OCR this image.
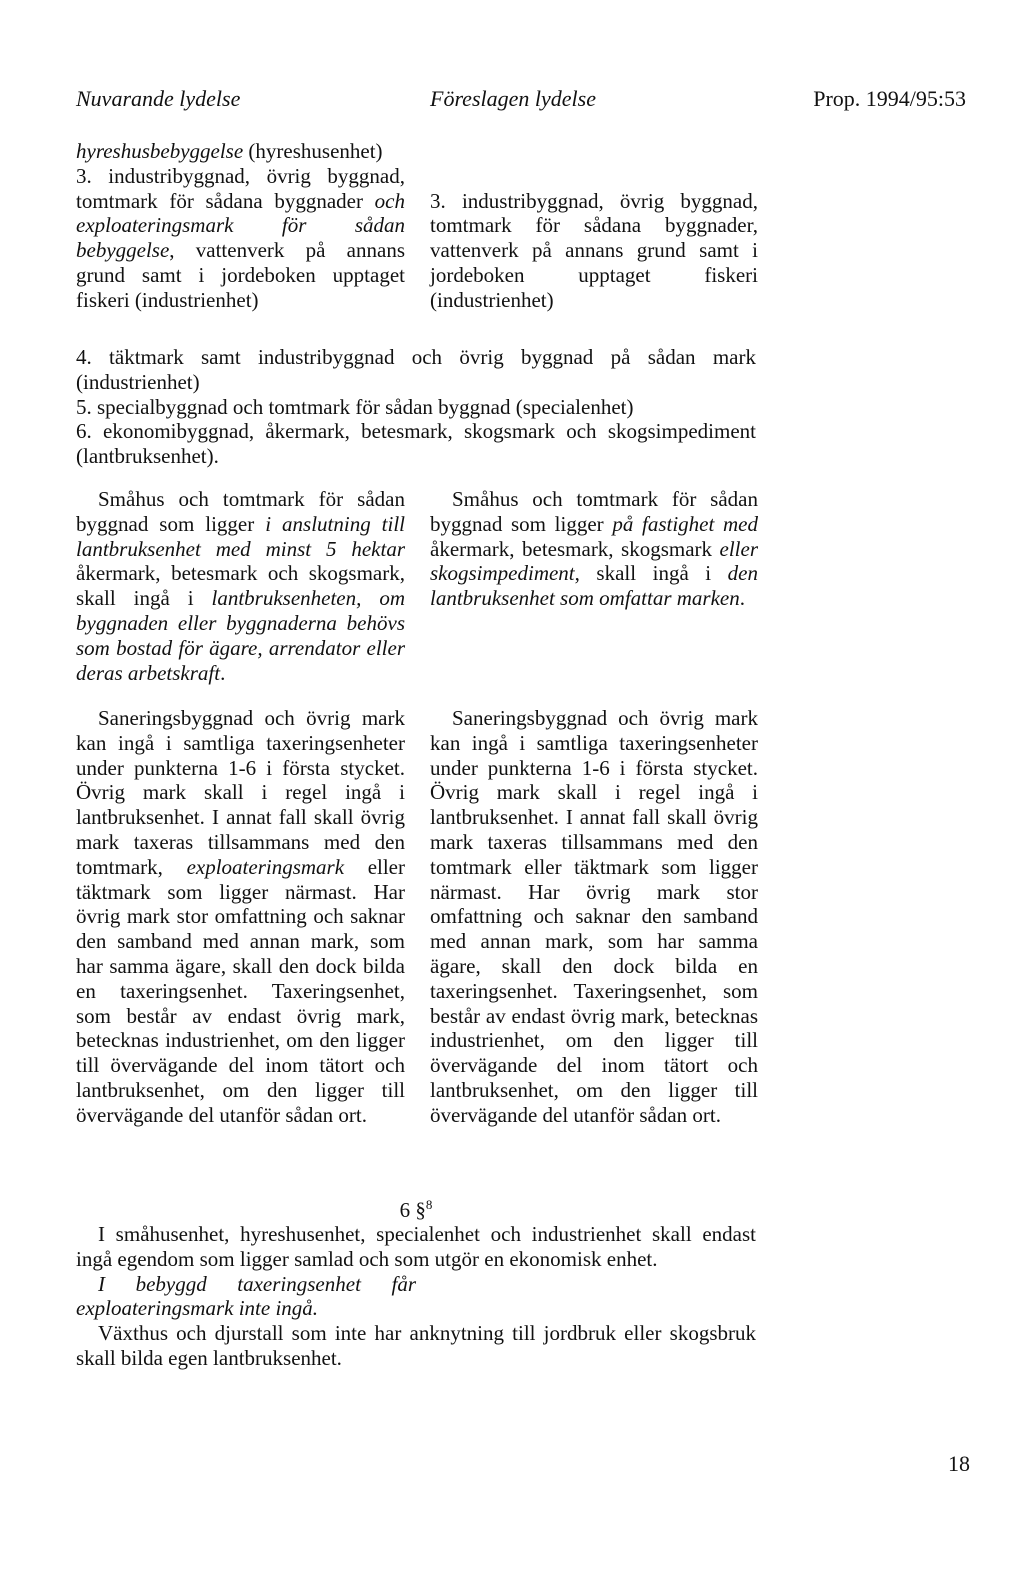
Nuvarande lydelse	Föreslagen lydelse	Prop. 1994/95:53

hyreshusbebyggelse (hyreshusenhet)

3. industribyggnad, övrig byggnad, tomtmark för sådana byggnader och exploateringsmark för sådan bebyggelse, vattenverk på annans grund samt i jordeboken upptaget fiskeri (industrienhet)

3. industribyggnad, övrig byggnad, tomtmark för sådana byggnader, vattenverk på annans grund samt i jordeboken upptaget fiskeri (industrienhet)

4. täktmark samt industribyggnad och övrig byggnad på sådan mark (industrienhet)

5. specialbyggnad och tomtmark för sådan byggnad (specialenhet)

6. ekonomibyggnad, åkermark, betesmark, skogsmark och skogsimpediment (lantbruksenhet).

Småhus och tomtmark för sådan byggnad som ligger i anslutning till lantbruksenhet med minst 5 hektar åkermark, betesmark och skogsmark, skall ingå i lantbruksenheten, om byggnaden eller byggnaderna behövs som bostad för ägare, arrendator eller deras arbetskraft.

Småhus och tomtmark för sådan byggnad som ligger på fastighet med åkermark, betesmark, skogsmark eller skogsimpediment, skall ingå i den lantbruksenhet som omfattar marken.

Saneringsbyggnad och övrig mark kan ingå i samtliga taxeringsenheter under punkterna 1-6 i första stycket. Övrig mark skall i regel ingå i lantbruksenhet. I annat fall skall övrig mark taxeras tillsammans med den tomtmark, exploateringsmark eller täktmark som ligger närmast. Har övrig mark stor omfattning och saknar den samband med annan mark, som har samma ägare, skall den dock bilda en taxeringsenhet. Taxeringsenhet, som består av endast övrig mark, betecknas industrienhet, om den ligger till övervägande del inom tätort och lantbruksenhet, om den ligger till övervägande del utanför sådan ort.

Saneringsbyggnad och övrig mark kan ingå i samtliga taxeringsenheter under punkterna 1-6 i första stycket. Övrig mark skall i regel ingå i lantbruksenhet. I annat fall skall övrig mark taxeras tillsammans med den tomtmark eller täktmark som ligger närmast. Har övrig mark stor omfattning och saknar den samband med annan mark, som har samma ägare, skall den dock bilda en taxeringsenhet. Taxeringsenhet, som består av endast övrig mark, betecknas industrienhet, om den ligger till övervägande del inom tätort och lantbruksenhet, om den ligger till övervägande del utanför sådan ort.

6 §$^8$

I småhusenhet, hyreshusenhet, specialenhet och industrienhet skall endast ingå egendom som ligger samlad och som utgör en ekonomisk enhet.

I bebyggd taxeringsenhet får exploateringsmark inte ingå.

Växthus och djurstall som inte har anknytning till jordbruk eller skogsbruk skall bilda egen lantbruksenhet.

18
